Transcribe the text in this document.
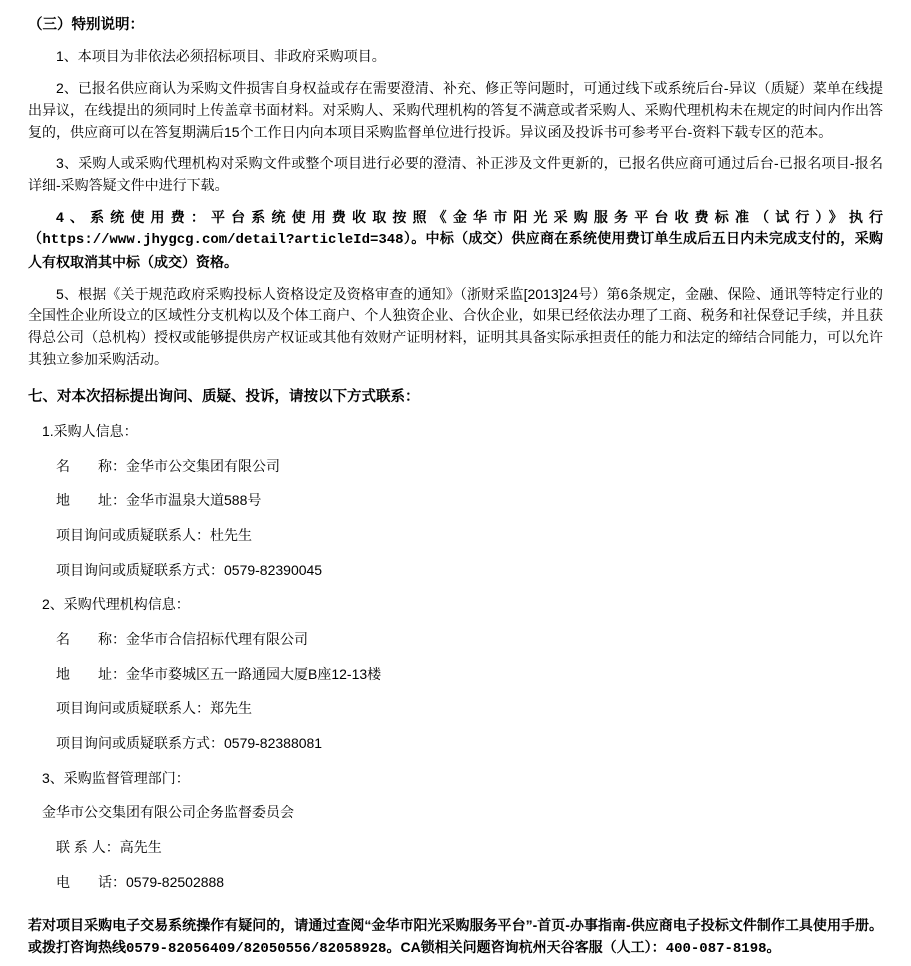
（三）特别说明：

1、本项目为非依法必须招标项目、非政府采购项目。

2、已报名供应商认为采购文件损害自身权益或存在需要澄清、补充、修正等问题时，可通过线下或系统后台-异议（质疑）菜单在线提出异议，在线提出的须同时上传盖章书面材料。对采购人、采购代理机构的答复不满意或者采购人、采购代理机构未在规定的时间内作出答复的，供应商可以在答复期满后15个工作日内向本项目采购监督单位进行投诉。异议函及投诉书可参考平台-资料下载专区的范本。

3、采购人或采购代理机构对采购文件或整个项目进行必要的澄清、补正涉及文件更新的，已报名供应商可通过后台-已报名项目-报名详细-采购答疑文件中进行下载。

4、系统使用费：平台系统使用费收取按照《金华市阳光采购服务平台收费标准（试行）》执行（https://www.jhygcg.com/detail?articleId=348）。中标（成交）供应商在系统使用费订单生成后五日内未完成支付的，采购人有权取消其中标（成交）资格。

5、根据《关于规范政府采购投标人资格设定及资格审查的通知》（浙财采监[2013]24号）第6条规定，金融、保险、通讯等特定行业的全国性企业所设立的区域性分支机构以及个体工商户、个人独资企业、合伙企业，如果已经依法办理了工商、税务和社保登记手续，并且获得总公司（总机构）授权或能够提供房产权证或其他有效财产证明材料，证明其具备实际承担责任的能力和法定的缔结合同能力，可以允许其独立参加采购活动。

七、对本次招标提出询问、质疑、投诉，请按以下方式联系：
1.采购人信息：
名　　称：金华市公交集团有限公司
地　　址：金华市温泉大道588号
项目询问或质疑联系人：杜先生
项目询问或质疑联系方式：0579-82390045
2、采购代理机构信息：
名　　称：金华市合信招标代理有限公司
地　　址：金华市婺城区五一路通园大厦B座12-13楼
项目询问或质疑联系人：郑先生
项目询问或质疑联系方式：0579-82388081
3、采购监督管理部门：
金华市公交集团有限公司企务监督委员会
联 系 人：高先生
电　　话：0579-82502888
若对项目采购电子交易系统操作有疑问的，请通过查阅“金华市阳光采购服务平台”-首页-办事指南-供应商电子投标文件制作工具使用手册。或拨打咨询热线0579-82056409/82050556/82058928。CA锁相关问题咨询杭州天谷客服（人工）：400-087-8198。
